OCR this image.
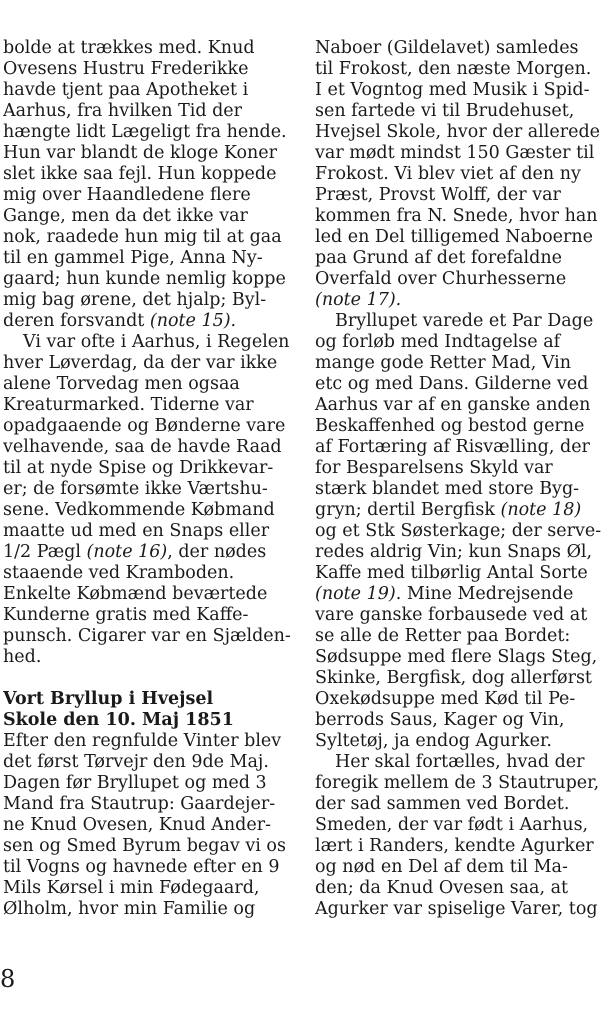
bolde at trækkes med. Knud
Ovesens Hustru Frederikke
havde tjent paa Apotheket i
Aarhus, fra hvilken Tid der
hængte lidt Lægeligt fra hende.
Hun var blandt de kloge Koner
slet ikke saa fejl. Hun koppede
mig over Haandledene flere
Gange, men da det ikke var
nok, raadede hun mig til at gaa
til en gammel Pige, Anna Ny-
gaard; hun kunde nemlig koppe
mig bag ørene, det hjalp; Byl-
deren forsvandt (note 15).
Vi var ofte i Aarhus, i Regelen
hver Løverdag, da der var ikke
alene Torvedag men ogsaa
Kreaturmarked. Tiderne var
opadgaaende og Bønderne vare
velhavende, saa de havde Raad
til at nyde Spise og Drikkevar-
er; de forsømte ikke Værtshu-
sene. Vedkommende Købmand
maatte ud med en Snaps eller
1/2 Pægl (note 16), der nødes
staaende ved Kramboden.
Enkelte Købmænd beværtede
Kunderne gratis med Kaffe-
punsch. Cigarer var en Sjælden-
hed.
Vort Bryllup i Hvejsel
Skole den 10. Maj 1851
Efter den regnfulde Vinter blev
det først Tørvejr den 9de Maj.
Dagen før Bryllupet og med 3
Mand fra Stautrup: Gaardejer-
ne Knud Ovesen, Knud Ander-
sen og Smed Byrum begav vi os
til Vogns og havnede efter en 9
Mils Kørsel i min Fødegaard,
Ølholm, hvor min Familie og
Naboer (Gildelavet) samledes
til Frokost, den næste Morgen.
I et Vogntog med Musik i Spid-
sen fartede vi til Brudehuset,
Hvejsel Skole, hvor der allerede
var mødt mindst 150 Gæster til
Frokost. Vi blev viet af den ny
Præst, Provst Wolff, der var
kommen fra N. Snede, hvor han
led en Del tilligemed Naboerne
paa Grund af det forefaldne
Overfald over Churhesserne
(note 17).
Bryllupet varede et Par Dage
og forløb med Indtagelse af
mange gode Retter Mad, Vin
etc og med Dans. Gilderne ved
Aarhus var af en ganske anden
Beskaffenhed og bestod gerne
af Fortæring af Risvælling, der
for Besparelsens Skyld var
stærk blandet med store Byg-
gryn; dertil Bergfisk (note 18)
og et Stk Søsterkage; der serve-
redes aldrig Vin; kun Snaps Øl,
Kaffe med tilbørlig Antal Sorte
(note 19). Mine Medrejsende
vare ganske forbausede ved at
se alle de Retter paa Bordet:
Sødsuppe med flere Slags Steg,
Skinke, Bergfisk, dog allerførst
Oxekødsuppe med Kød til Pe-
berrods Saus, Kager og Vin,
Syltetøj, ja endog Agurker.
Her skal fortælles, hvad der
foregik mellem de 3 Stautruper,
der sad sammen ved Bordet.
Smeden, der var født i Aarhus,
lært i Randers, kendte Agurker
og nød en Del af dem til Ma-
den; da Knud Ovesen saa, at
Agurker var spiselige Varer, tog
8
